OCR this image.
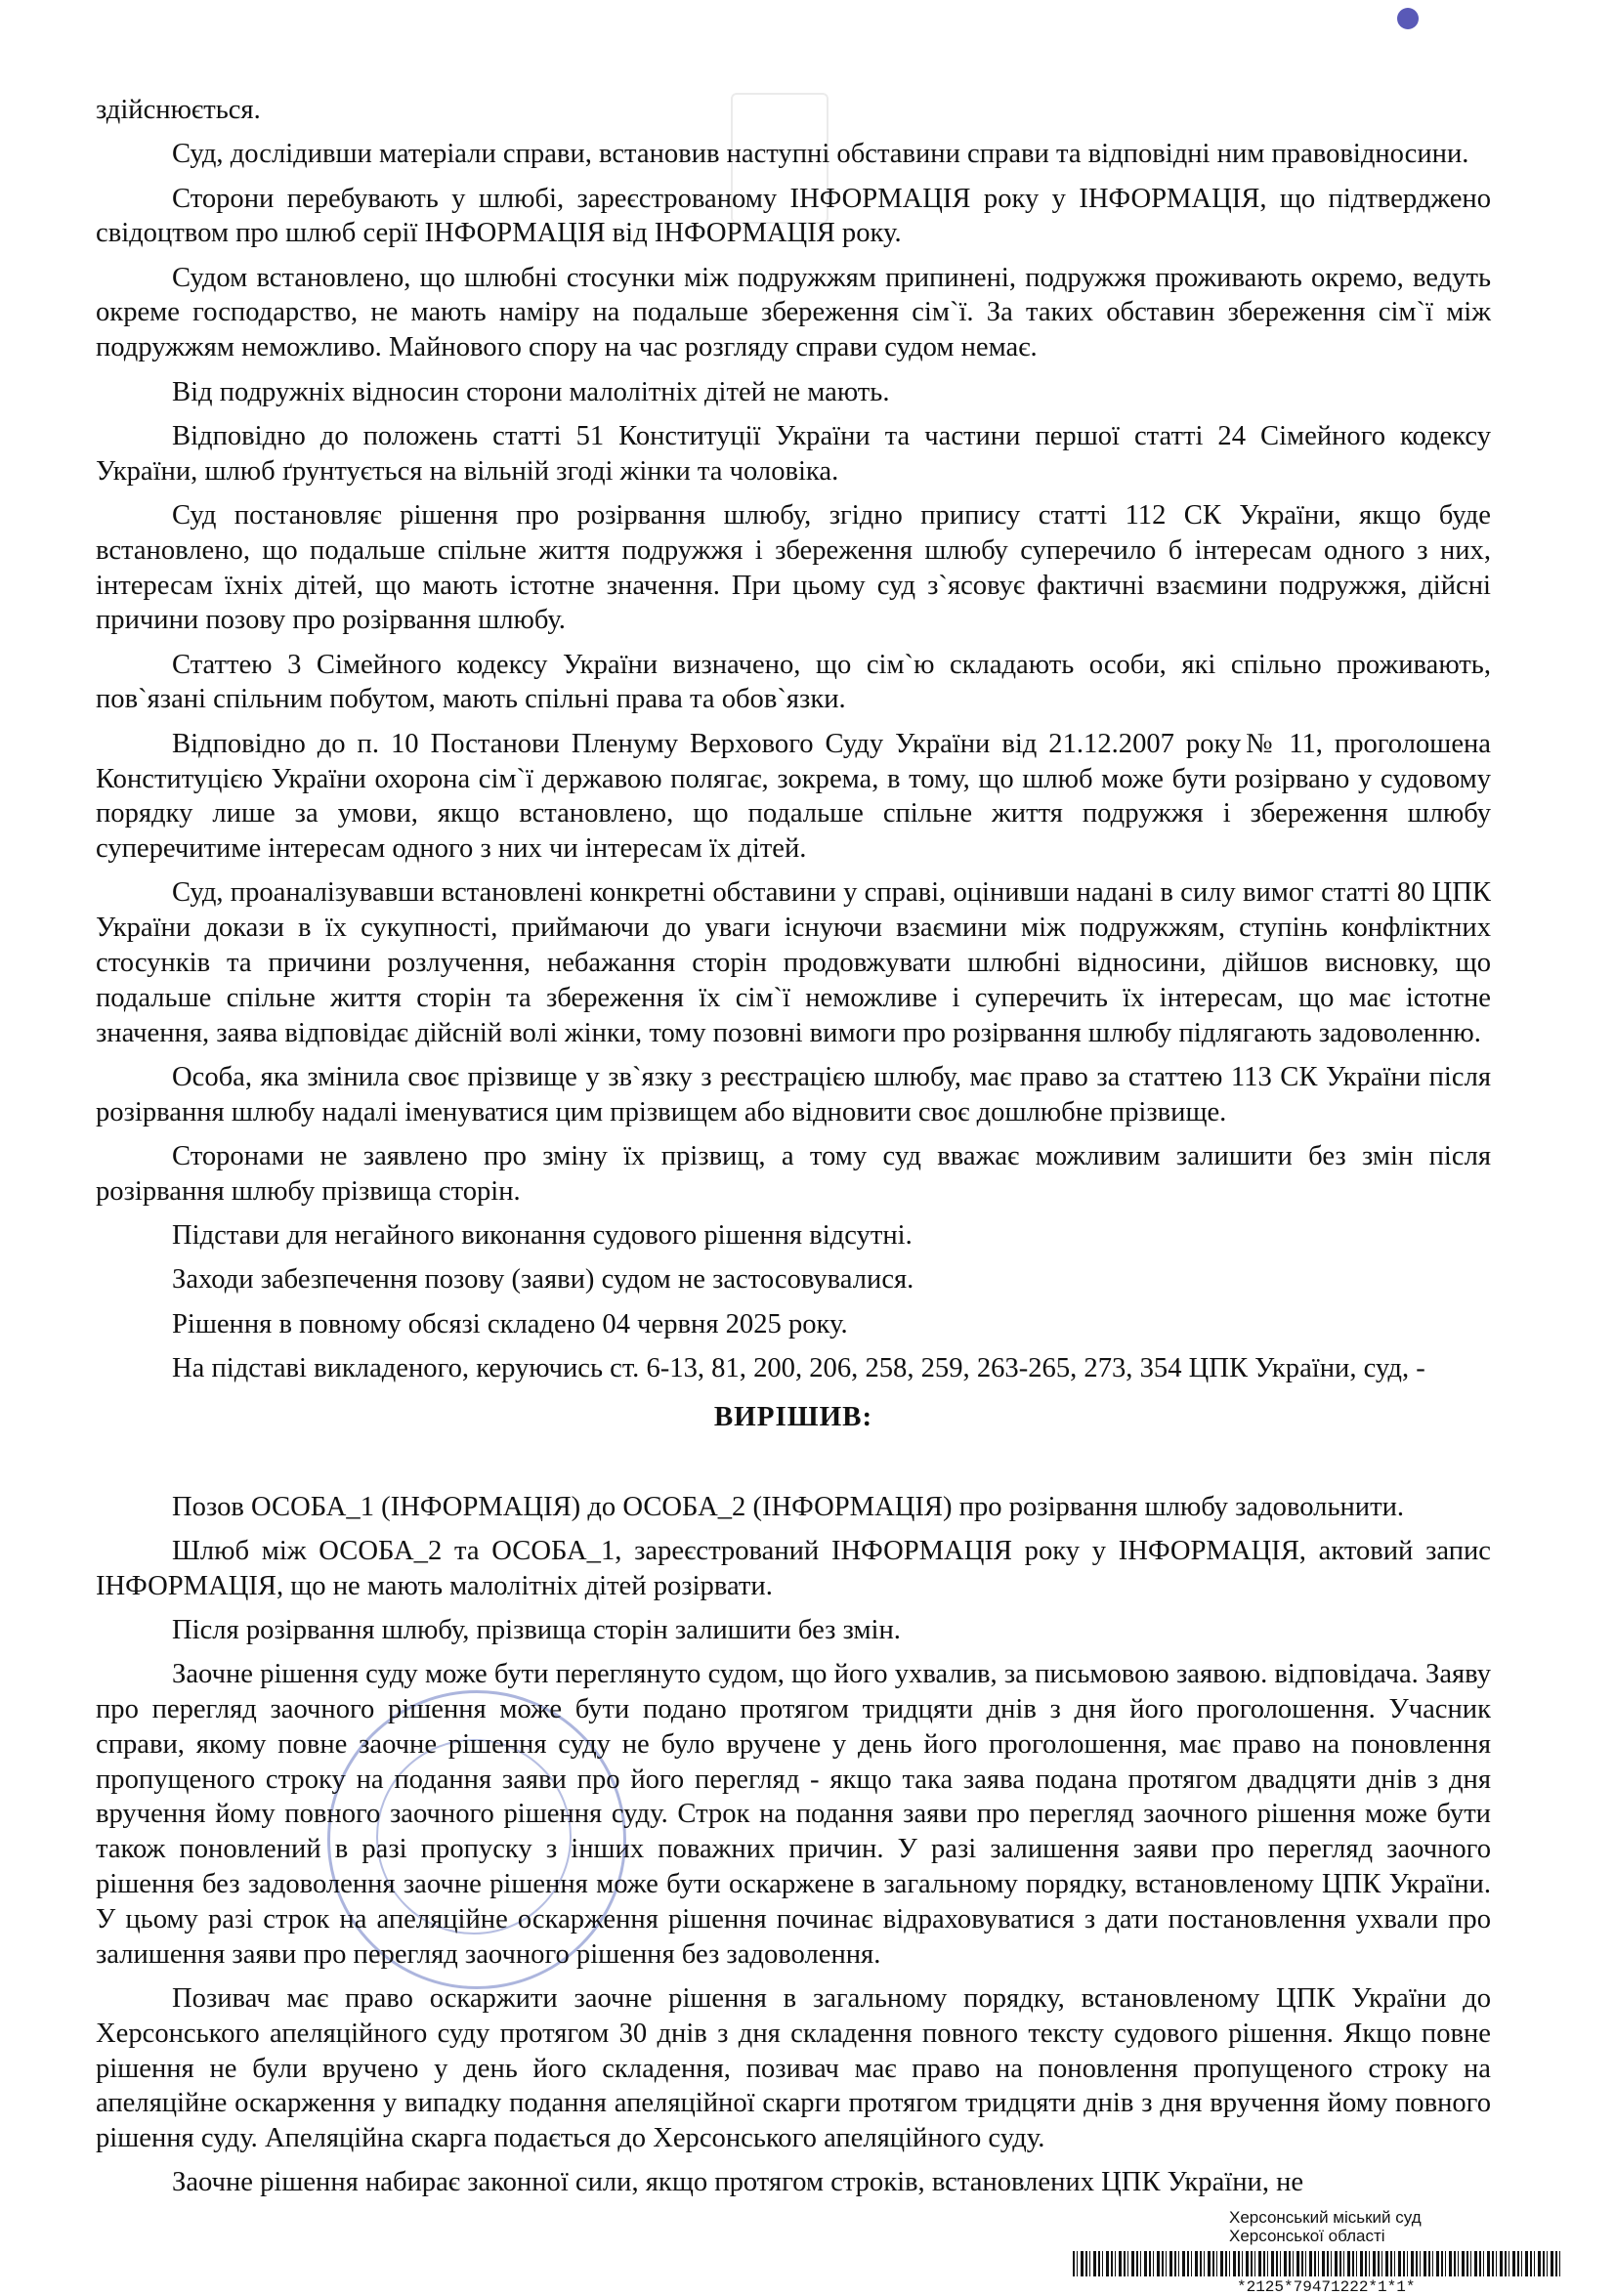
здійснюється.

Суд, дослідивши матеріали справи, встановив наступні обставини справи та відповідні ним правовідносини.

Сторони перебувають у шлюбі, зареєстрованому ІНФОРМАЦІЯ року у ІНФОРМАЦІЯ, що підтверджено свідоцтвом про шлюб серії ІНФОРМАЦІЯ від ІНФОРМАЦІЯ року.

Судом встановлено, що шлюбні стосунки між подружжям припинені, подружжя проживають окремо, ведуть окреме господарство, не мають наміру на подальше збереження сім`ї. За таких обставин збереження сім`ї між подружжям неможливо. Майнового спору на час розгляду справи судом немає.

Від подружніх відносин сторони малолітніх дітей не мають.

Відповідно до положень статті 51 Конституції України та частини першої статті 24 Сімейного кодексу України, шлюб ґрунтується на вільній згоді жінки та чоловіка.

Суд постановляє рішення про розірвання шлюбу, згідно припису статті 112 СК України, якщо буде встановлено, що подальше спільне життя подружжя і збереження шлюбу суперечило б інтересам одного з них, інтересам їхніх дітей, що мають істотне значення. При цьому суд з`ясовує фактичні взаємини подружжя, дійсні причини позову про розірвання шлюбу.

Статтею 3 Сімейного кодексу України визначено, що сім`ю складають особи, які спільно проживають, пов`язані спільним побутом, мають спільні права та обов`язки.

Відповідно до п. 10 Постанови Пленуму Верхового Суду України від 21.12.2007 року№ 11, проголошена Конституцією України охорона сім`ї державою полягає, зокрема, в тому, що шлюб може бути розірвано у судовому порядку лише за умови, якщо встановлено, що подальше спільне життя подружжя і збереження шлюбу суперечитиме інтересам одного з них чи інтересам їх дітей.

Суд, проаналізувавши встановлені конкретні обставини у справі, оцінивши надані в силу вимог статті 80 ЦПК України докази в їх сукупності, приймаючи до уваги існуючи взаємини між подружжям, ступінь конфліктних стосунків та причини розлучення, небажання сторін продовжувати шлюбні відносини, дійшов висновку, що подальше спільне життя сторін та збереження їх сім`ї неможливе і суперечить їх інтересам, що має істотне значення, заява відповідає дійсній волі жінки, тому позовні вимоги про розірвання шлюбу підлягають задоволенню.

Особа, яка змінила своє прізвище у зв`язку з реєстрацією шлюбу, має право за статтею 113 СК України після розірвання шлюбу надалі іменуватися цим прізвищем або відновити своє дошлюбне прізвище.

Сторонами не заявлено про зміну їх прізвищ, а тому суд вважає можливим залишити без змін після розірвання шлюбу прізвища сторін.

Підстави для негайного виконання судового рішення відсутні.

Заходи забезпечення позову (заяви) судом не застосовувалися.

Рішення в повному обсязі складено 04 червня 2025 року.

На підставі викладеного, керуючись ст. 6-13, 81, 200, 206, 258, 259, 263-265, 273, 354 ЦПК України, суд, -

ВИРІШИВ:

Позов ОСОБА_1 (ІНФОРМАЦІЯ) до ОСОБА_2 (ІНФОРМАЦІЯ) про розірвання шлюбу задовольнити.

Шлюб між ОСОБА_2 та ОСОБА_1, зареєстрований ІНФОРМАЦІЯ року у ІНФОРМАЦІЯ, актовий запис ІНФОРМАЦІЯ, що не мають малолітніх дітей розірвати.

Після розірвання шлюбу, прізвища сторін залишити без змін.

Заочне рішення суду може бути переглянуто судом, що його ухвалив, за письмовою заявою. відповідача. Заяву про перегляд заочного рішення може бути подано протягом тридцяти днів з дня його проголошення. Учасник справи, якому повне заочне рішення суду не було вручене у день його проголошення, має право на поновлення пропущеного строку на подання заяви про його перегляд - якщо така заява подана протягом двадцяти днів з дня вручення йому повного заочного рішення суду. Строк на подання заяви про перегляд заочного рішення може бути також поновлений в разі пропуску з інших поважних причин. У разі залишення заяви про перегляд заочного рішення без задоволення заочне рішення може бути оскаржене в загальному порядку, встановленому ЦПК України. У цьому разі строк на апеляційне оскарження рішення починає відраховуватися з дати постановлення ухвали про залишення заяви про перегляд заочного рішення без задоволення.

Позивач має право оскаржити заочне рішення в загальному порядку, встановленому ЦПК України до Херсонського апеляційного суду протягом 30 днів з дня складення повного тексту судового рішення. Якщо повне рішення не були вручено у день його складення, позивач має право на поновлення пропущеного строку на апеляційне оскарження у випадку подання апеляційної скарги протягом тридцяти днів з дня вручення йому повного рішення суду. Апеляційна скарга подається до Херсонського апеляційного суду.

Заочне рішення набирає законної сили, якщо протягом строків, встановлених ЦПК України, не

Херсонський міський суд
Херсонської області
*2125*79471222*1*1*
